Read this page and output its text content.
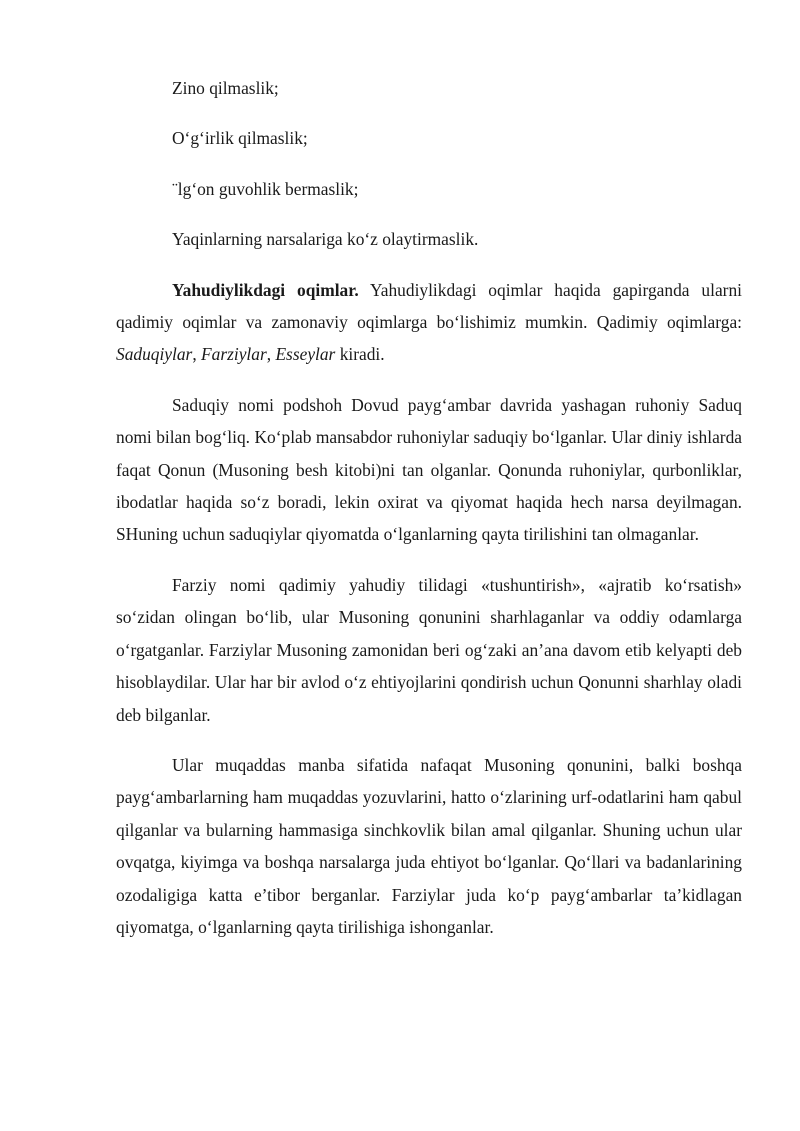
Zino qilmaslik;

O‘g‘irlik qilmaslik;

¨lg‘on guvohlik bermaslik;

Yaqinlarning narsalariga ko‘z olaytirmaslik.

Yahudiylikdagi oqimlar. Yahudiylikdagi oqimlar haqida gapirganda ularni qadimiy oqimlar va zamonaviy oqimlarga bo‘lishimiz mumkin. Qadimiy oqimlarga: Saduqiylar, Farziylar, Esseylar kiradi.

Saduqiy nomi podshoh Dovud payg‘ambar davrida yashagan ruhoniy Saduq nomi bilan bog‘liq. Ko‘plab mansabdor ruhoniylar saduqiy bo‘lganlar. Ular diniy ishlarda faqat Qonun (Musoning besh kitobi)ni tan olganlar. Qonunda ruhoniylar, qurbonliklar, ibodatlar haqida so‘z boradi, lekin oxirat va qiyomat haqida hech narsa deyilmagan. SHuning uchun saduqiylar qiyomatda o‘lganlarning qayta tirilishini tan olmaganlar.

Farziy nomi qadimiy yahudiy tilidagi «tushuntirish», «ajratib ko‘rsatish» so‘zidan olingan bo‘lib, ular Musoning qonunini sharhlaganlar va oddiy odamlarga o‘rgatganlar. Farziylar Musoning zamonidan beri og‘zaki an’ana davom etib kelyapti deb hisoblaydilar. Ular har bir avlod o‘z ehtiyojlarini qondirish uchun Qonunni sharhlay oladi deb bilganlar.

Ular muqaddas manba sifatida nafaqat Musoning qonunini, balki boshqa payg‘ambarlarning ham muqaddas yozuvlarini, hatto o‘zlarining urf-odatlarini ham qabul qilganlar va bularning hammasiga sinchkovlik bilan amal qilganlar. Shuning uchun ular ovqatga, kiyimga va boshqa narsalarga juda ehtiyot bo‘lganlar. Qo‘llari va badanlarining ozodaligiga katta e’tibor berganlar. Farziylar juda ko‘p payg‘ambarlar ta’kidlagan qiyomatga, o‘lganlarning qayta tirilishiga ishonganlar.
